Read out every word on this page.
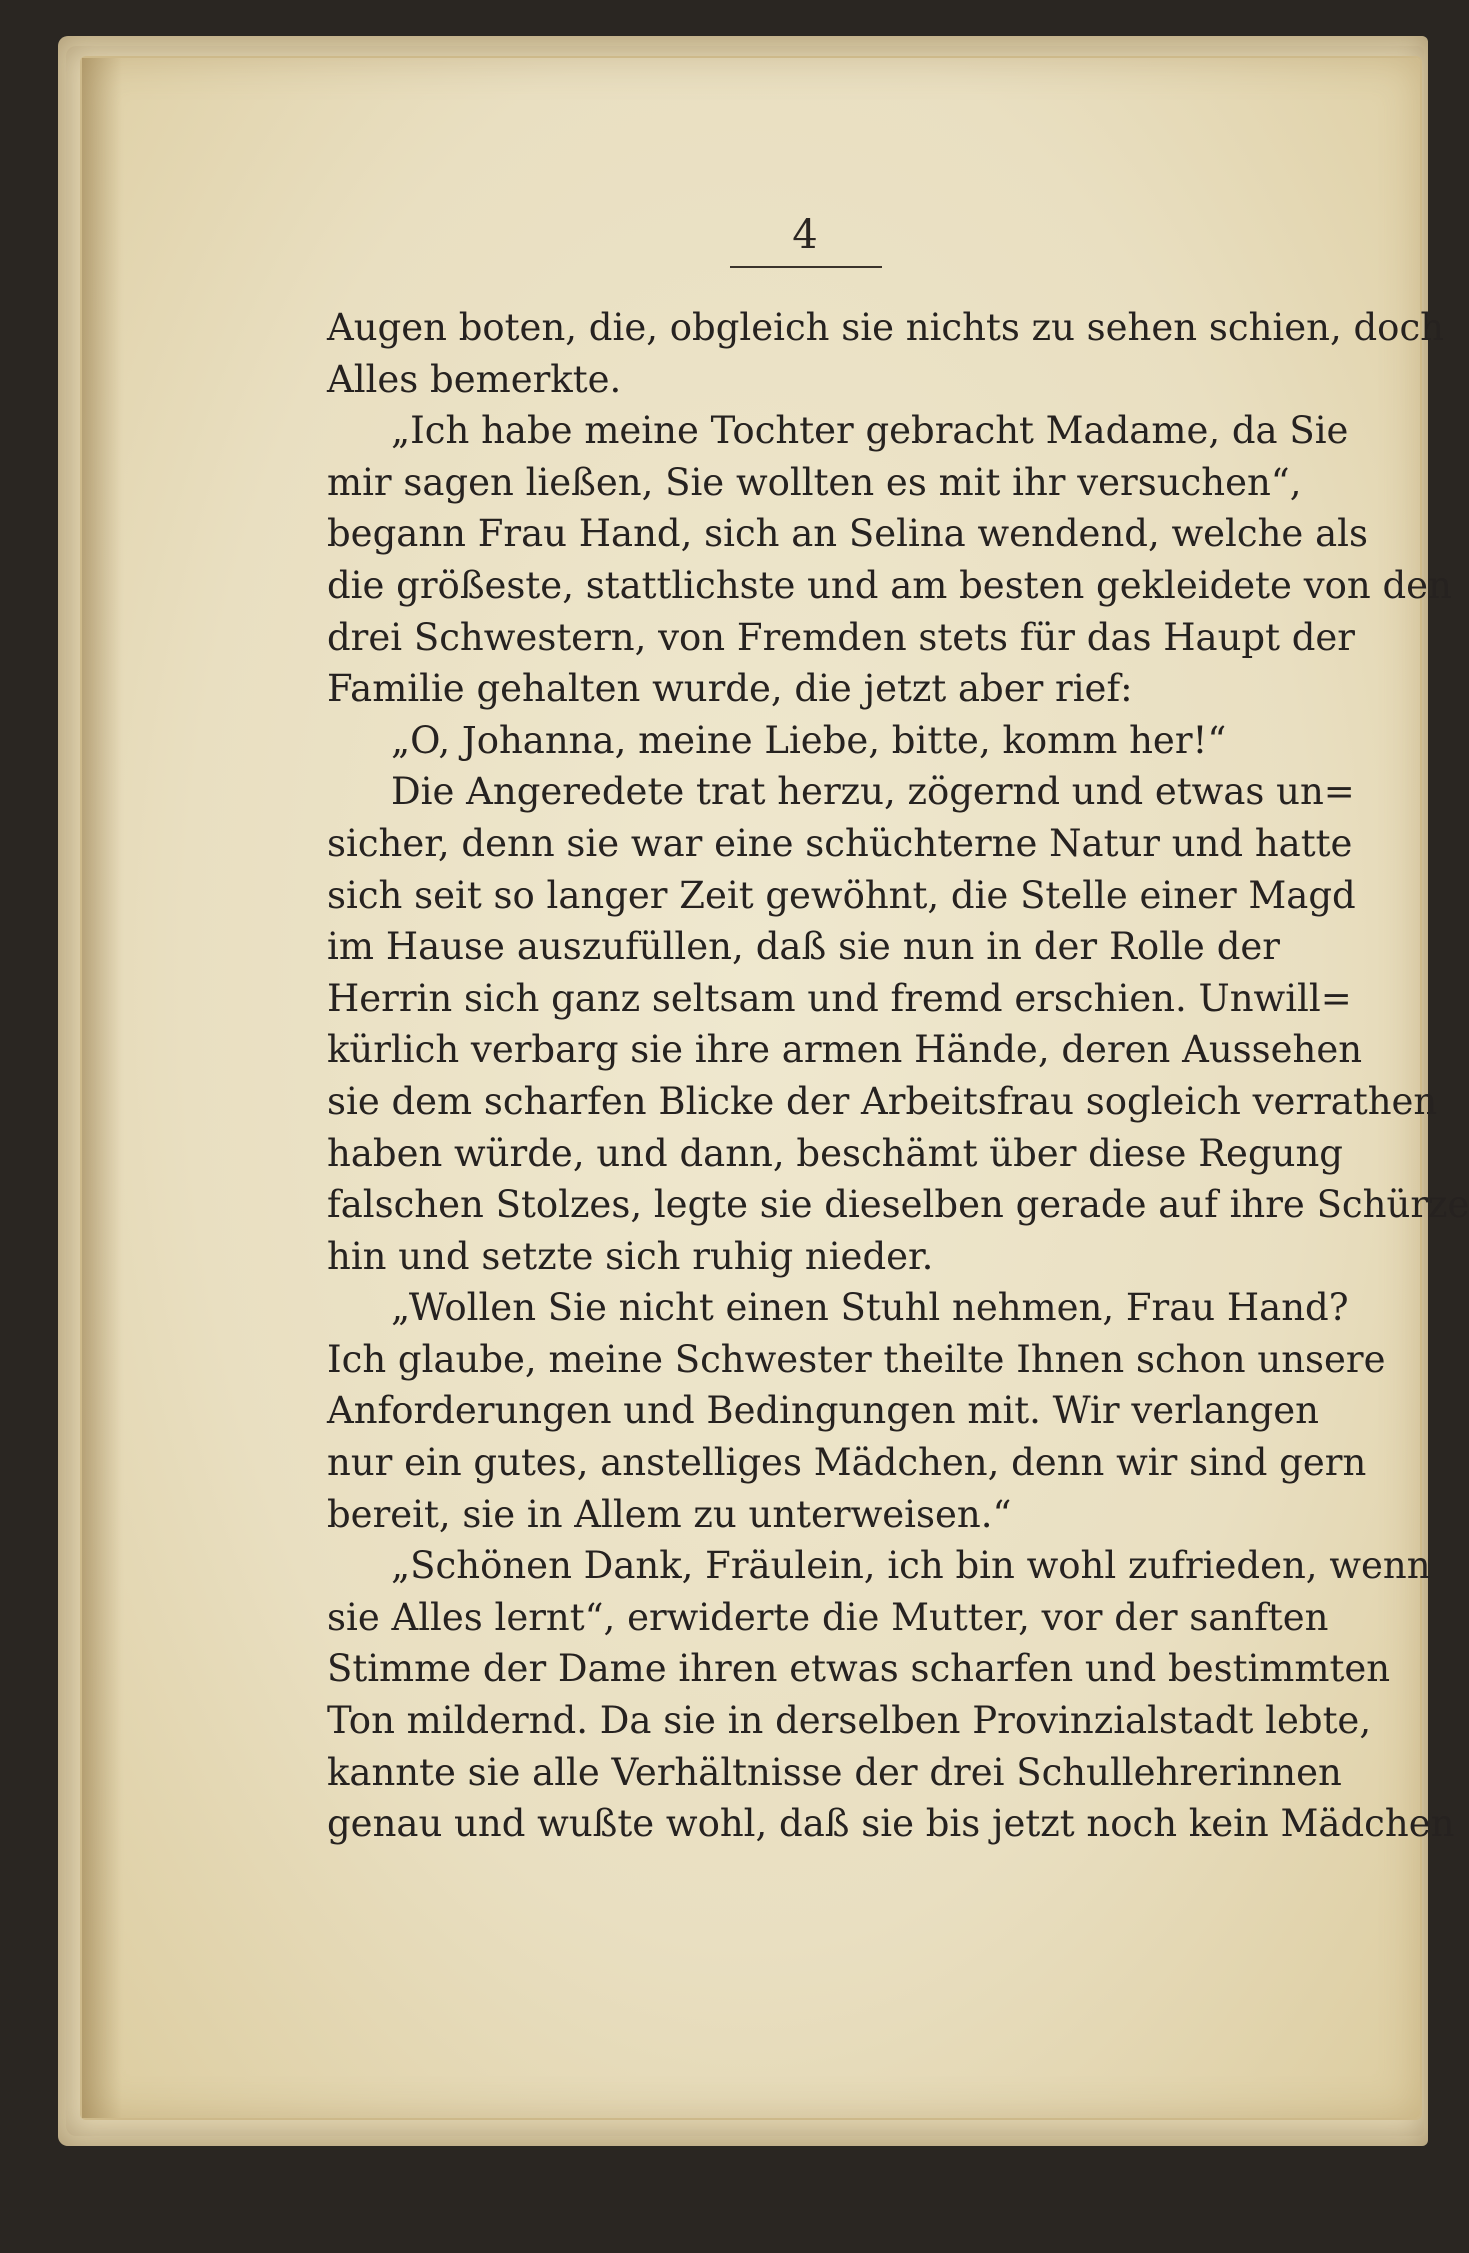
4
Augen boten, die, obgleich sie nichts zu sehen schien, doch
Alles bemerkte.
„Ich habe meine Tochter gebracht Madame, da Sie
mir sagen ließen, Sie wollten es mit ihr versuchen“,
begann Frau Hand, sich an Selina wendend, welche als
die größeste, stattlichste und am besten gekleidete von den
drei Schwestern, von Fremden stets für das Haupt der
Familie gehalten wurde, die jetzt aber rief:
„O, Johanna, meine Liebe, bitte, komm her!“
Die Angeredete trat herzu, zögernd und etwas un=
sicher, denn sie war eine schüchterne Natur und hatte
sich seit so langer Zeit gewöhnt, die Stelle einer Magd
im Hause auszufüllen, daß sie nun in der Rolle der
Herrin sich ganz seltsam und fremd erschien. Unwill=
kürlich verbarg sie ihre armen Hände, deren Aussehen
sie dem scharfen Blicke der Arbeitsfrau sogleich verrathen
haben würde, und dann, beschämt über diese Regung
falschen Stolzes, legte sie dieselben gerade auf ihre Schürze
hin und setzte sich ruhig nieder.
„Wollen Sie nicht einen Stuhl nehmen, Frau Hand?
Ich glaube, meine Schwester theilte Ihnen schon unsere
Anforderungen und Bedingungen mit. Wir verlangen
nur ein gutes, anstelliges Mädchen, denn wir sind gern
bereit, sie in Allem zu unterweisen.“
„Schönen Dank, Fräulein, ich bin wohl zufrieden, wenn
sie Alles lernt“, erwiderte die Mutter, vor der sanften
Stimme der Dame ihren etwas scharfen und bestimmten
Ton mildernd. Da sie in derselben Provinzialstadt lebte,
kannte sie alle Verhältnisse der drei Schullehrerinnen
genau und wußte wohl, daß sie bis jetzt noch kein Mädchen
